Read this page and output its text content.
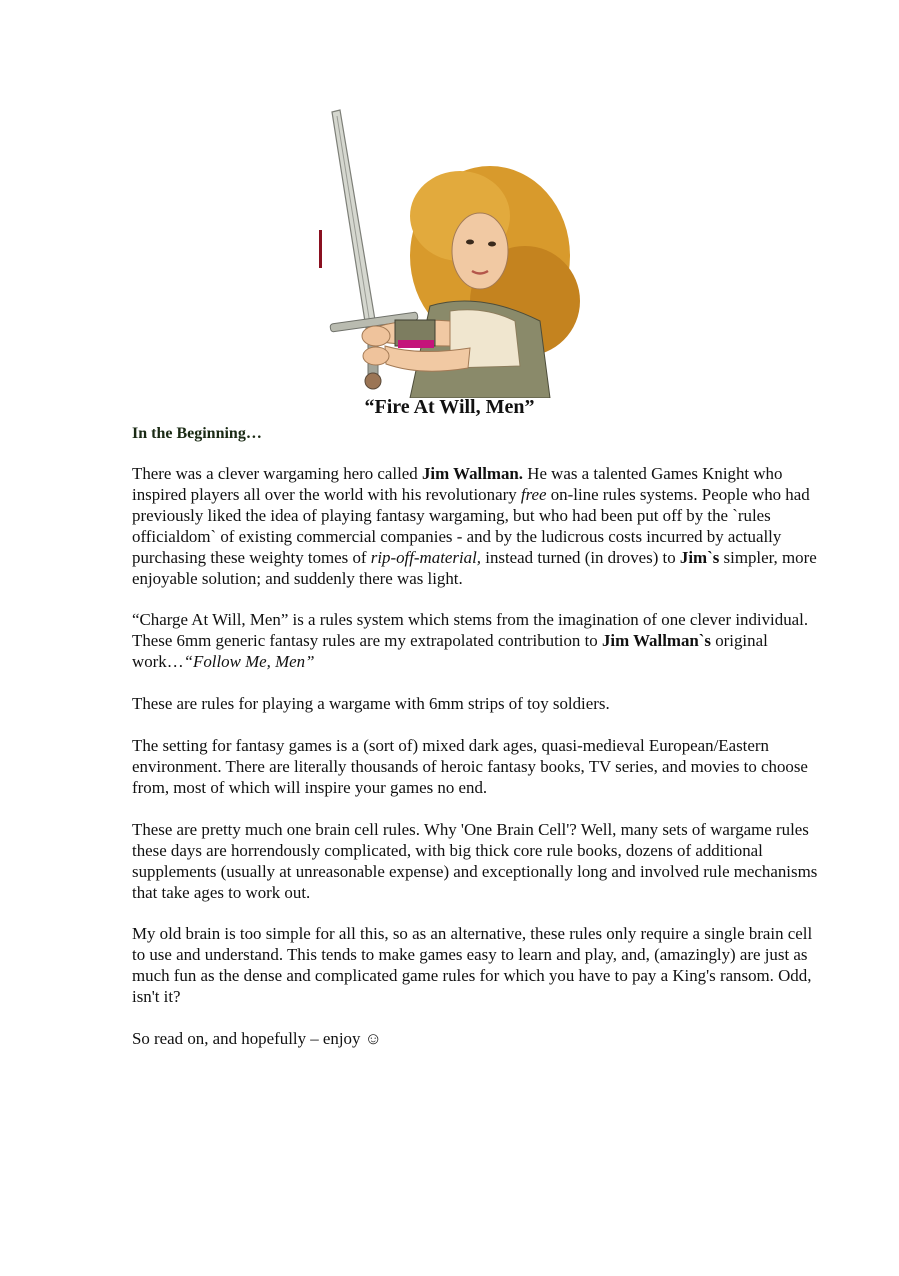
“Fire At Will, Men”
In the Beginning…

There was a clever wargaming hero called Jim Wallman. He was a talented Games Knight who inspired players all over the world with his revolutionary free on-line rules systems. People who had previously liked the idea of playing fantasy wargaming, but who had been put off by the `rules officialdom` of existing commercial companies - and by the ludicrous costs incurred by actually purchasing these weighty tomes of rip-off-material, instead turned (in droves) to Jim`s simpler, more enjoyable solution; and suddenly there was light.

“Charge At Will, Men” is a rules system which stems from the imagination of one clever individual. These 6mm generic fantasy rules are my extrapolated contribution to Jim Wallman`s original work…“Follow Me, Men”

These are rules for playing a wargame with 6mm strips of toy soldiers.

The setting for fantasy games is a (sort of) mixed dark ages, quasi-medieval European/Eastern environment. There are literally thousands of heroic fantasy books, TV series, and movies to choose from, most of which will inspire your games no end.

These are pretty much one brain cell rules. Why 'One Brain Cell'? Well, many sets of wargame rules these days are horrendously complicated, with big thick core rule books, dozens of additional supplements (usually at unreasonable expense) and exceptionally long and involved rule mechanisms that take ages to work out.

My old brain is too simple for all this, so as an alternative, these rules only require a single brain cell to use and understand. This tends to make games easy to learn and play, and, (amazingly) are just as much fun as the dense and complicated game rules for which you have to pay a King's ransom. Odd, isn't it?

So read on, and hopefully – enjoy ☺
